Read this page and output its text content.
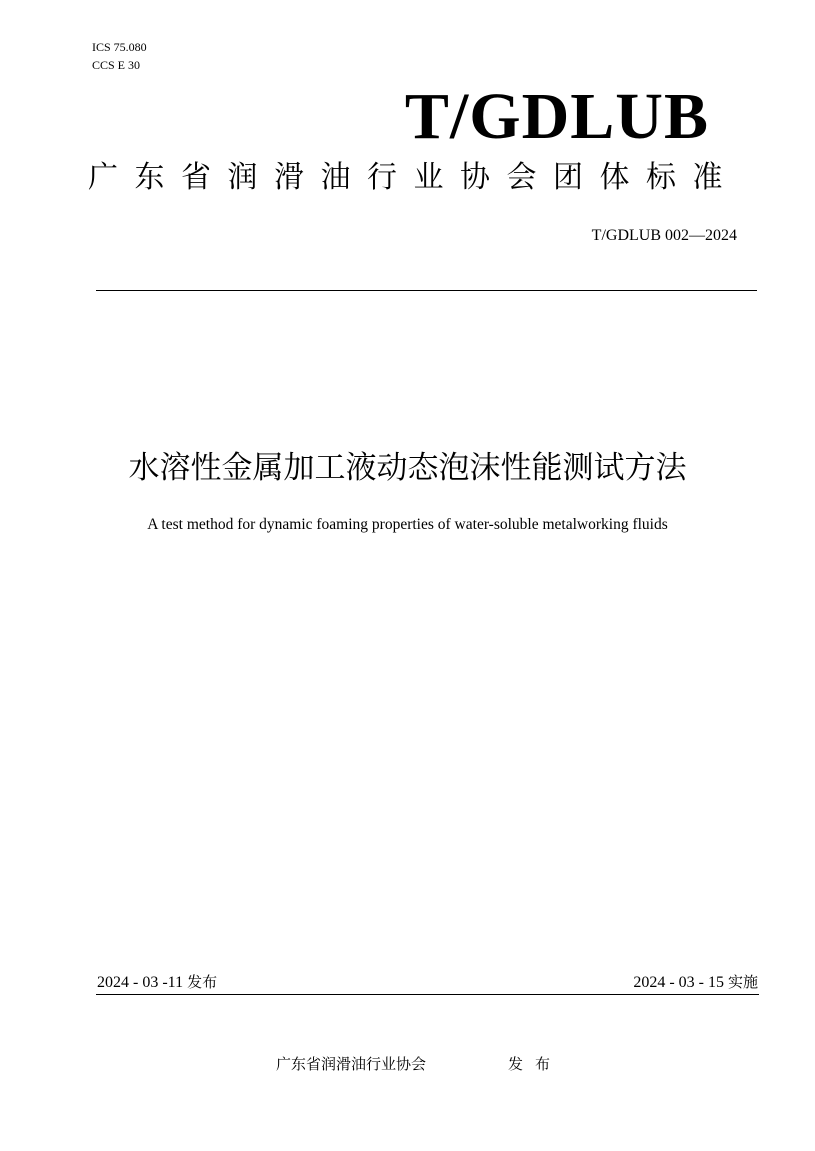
ICS 75.080
CCS E 30
T/GDLUB
广东省润滑油行业协会团体标准
T/GDLUB 002—2024
水溶性金属加工液动态泡沫性能测试方法
A test method for dynamic foaming properties of water-soluble metalworking fluids
2024 - 03 -11 发布	2024 - 03 - 15 实施
广东省润滑油行业协会	发布
